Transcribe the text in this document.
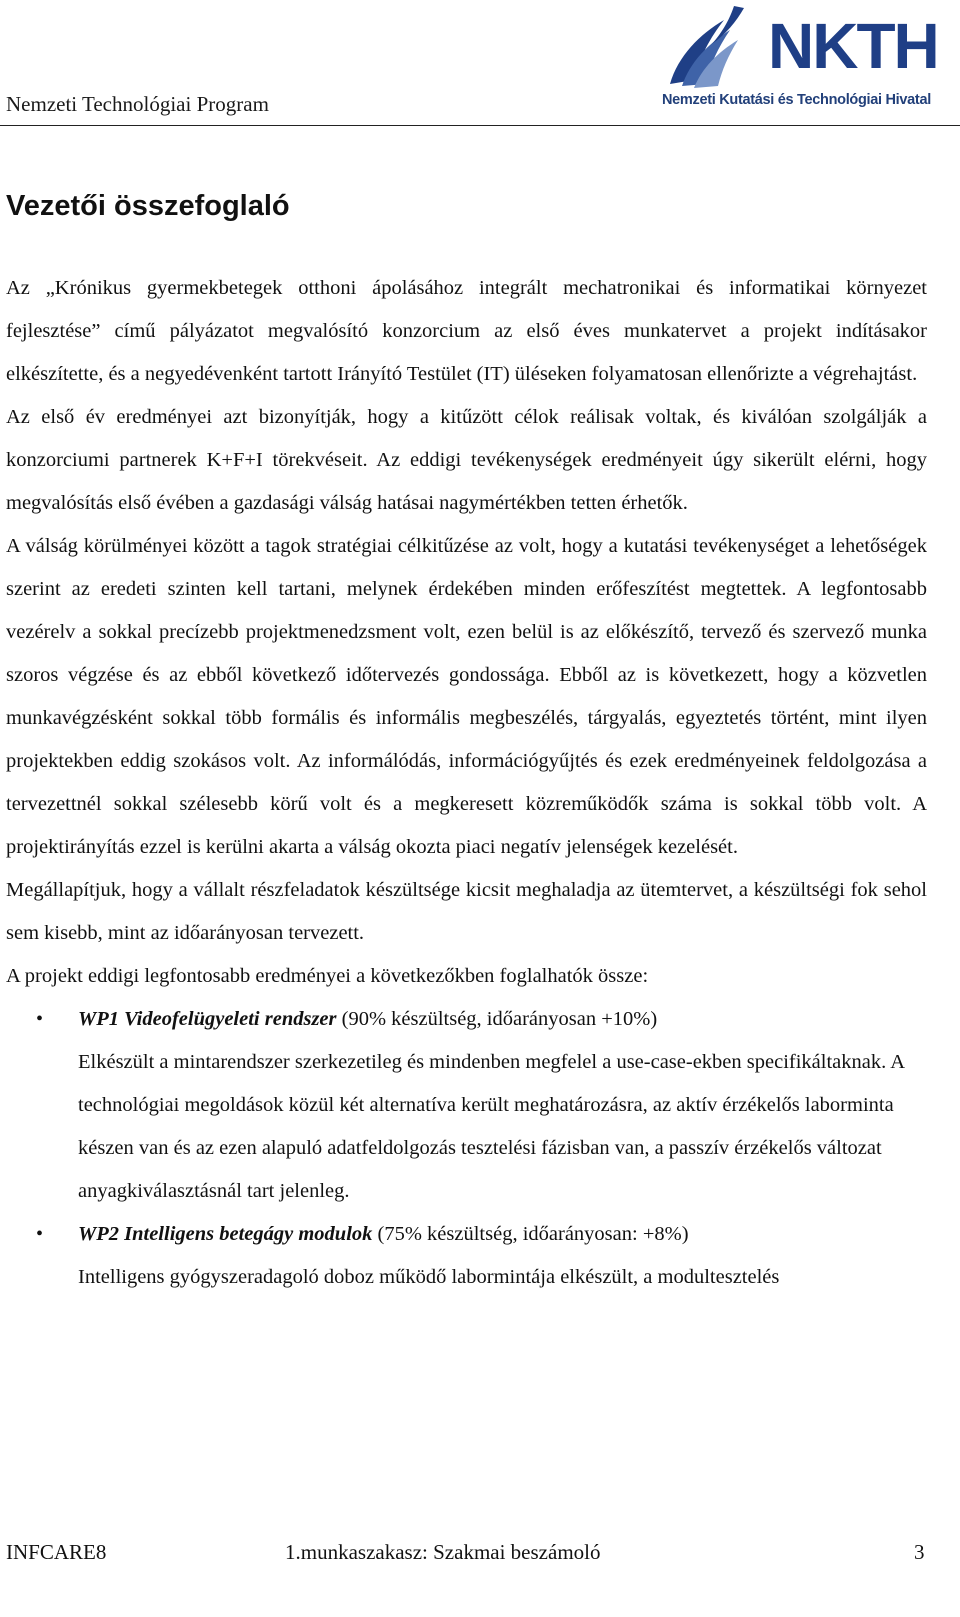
Nemzeti Technológiai Program
NKTH
Nemzeti Kutatási és Technológiai Hivatal
Vezetői összefoglaló

Az „Krónikus gyermekbetegek otthoni ápolásához integrált mechatronikai és informatikai környezet fejlesztése” című pályázatot megvalósító konzorcium az első éves munkatervet a projekt indításakor elkészítette, és a negyedévenként tartott Irányító Testület (IT) üléseken folyamatosan ellenőrizte a végrehajtást.

Az első év eredményei azt bizonyítják, hogy a kitűzött célok reálisak voltak, és kiválóan szolgálják a konzorciumi partnerek K+F+I törekvéseit. Az eddigi tevékenységek eredményeit úgy sikerült elérni, hogy megvalósítás első évében a gazdasági válság hatásai nagymértékben tetten érhetők.

A válság körülményei között a tagok stratégiai célkitűzése az volt, hogy a kutatási tevékenységet a lehetőségek szerint az eredeti szinten kell tartani, melynek érdekében minden erőfeszítést megtettek. A legfontosabb vezérelv a sokkal precízebb projektmenedzsment volt, ezen belül is az előkészítő, tervező és szervező munka szoros végzése és az ebből következő időtervezés gondossága. Ebből az is következett, hogy a közvetlen munkavégzésként sokkal több formális és informális megbeszélés, tárgyalás, egyeztetés történt, mint ilyen projektekben eddig szokásos volt. Az informálódás, információgyűjtés és ezek eredményeinek feldolgozása a tervezettnél sokkal szélesebb körű volt és a megkeresett közreműködők száma is sokkal több volt. A projektirányítás ezzel is kerülni akarta a válság okozta piaci negatív jelenségek kezelését.

Megállapítjuk, hogy a vállalt részfeladatok készültsége kicsit meghaladja az ütemtervet, a készültségi fok sehol sem kisebb, mint az időarányosan tervezett.

A projekt eddigi legfontosabb eredményei a következőkben foglalhatók össze:

• WP1 Videofelügyeleti rendszer (90% készültség, időarányosan +10%)
Elkészült a mintarendszer szerkezetileg és mindenben megfelel a use-case-ekben specifikáltaknak. A technológiai megoldások közül két alternatíva került meghatározásra, az aktív érzékelős laborminta készen van és az ezen alapuló adatfeldolgozás tesztelési fázisban van, a passzív érzékelős változat anyagkiválasztásnál tart jelenleg.
• WP2 Intelligens betegágy modulok (75% készültség, időarányosan: +8%)
Intelligens gyógyszeradagoló doboz működő labormintája elkészült, a modultesztelés
INFCARE8	1.munkaszakasz: Szakmai beszámoló	3
